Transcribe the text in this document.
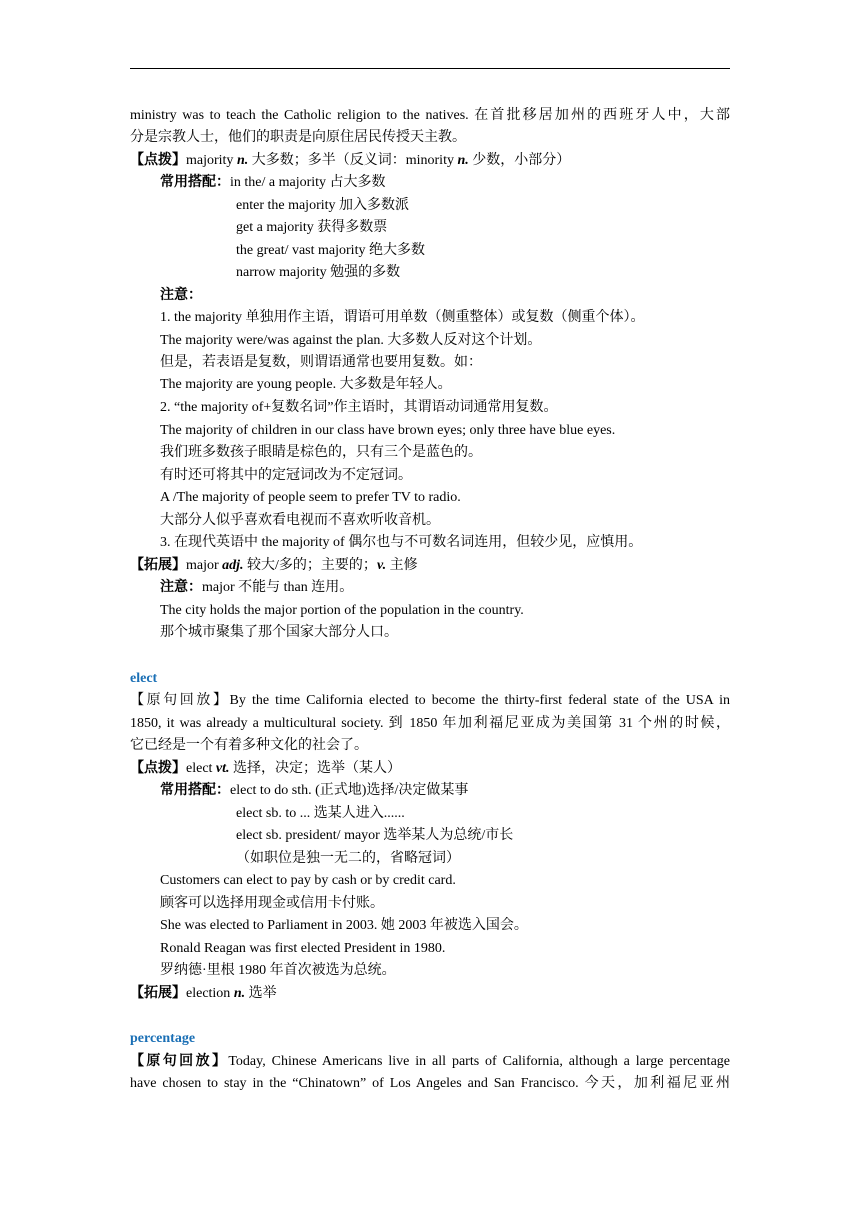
ministry was to teach the Catholic religion to the natives. 在首批移居加州的西班牙人中，大部
分是宗教人士，他们的职责是向原住居民传授天主教。
【点拨】majority n. 大多数；多半（反义词：minority n. 少数，小部分）
常用搭配：in the/ a majority 占大多数
enter the majority 加入多数派
get a majority 获得多数票
the great/ vast majority 绝大多数
narrow majority 勉强的多数
注意：
1. the majority 单独用作主语，谓语可用单数（侧重整体）或复数（侧重个体）。
The majority were/was against the plan. 大多数人反对这个计划。
但是，若表语是复数，则谓语通常也要用复数。如：
The majority are young people. 大多数是年轻人。
2. “the majority of+复数名词”作主语时，其谓语动词通常用复数。
The majority of children in our class have brown eyes; only three have blue eyes.
我们班多数孩子眼睛是棕色的，只有三个是蓝色的。
有时还可将其中的定冠词改为不定冠词。
A /The majority of people seem to prefer TV to radio.
大部分人似乎喜欢看电视而不喜欢听收音机。
3. 在现代英语中 the majority of 偶尔也与不可数名词连用，但较少见，应慎用。
【拓展】major adj. 较大/多的；主要的；v. 主修
注意：major 不能与 than 连用。
The city holds the major portion of the population in the country.
那个城市聚集了那个国家大部分人口。
elect
【原句回放】By the time California elected to become the thirty-first federal state of the USA in
1850, it was already a multicultural society. 到 1850 年加利福尼亚成为美国第 31 个州的时候，
它已经是一个有着多种文化的社会了。
【点拨】elect vt. 选择，决定；选举（某人）
常用搭配：elect to do sth. (正式地)选择/决定做某事
elect sb. to ... 选某人进入......
elect sb. president/ mayor 选举某人为总统/市长
（如职位是独一无二的，省略冠词）
Customers can elect to pay by cash or by credit card.
顾客可以选择用现金或信用卡付账。
She was elected to Parliament in 2003. 她 2003 年被选入国会。
Ronald Reagan was first elected President in 1980.
罗纳德·里根 1980 年首次被选为总统。
【拓展】election n. 选举
percentage
【原句回放】Today, Chinese Americans live in all parts of California, although a large percentage
have chosen to stay in the “Chinatown” of Los Angeles and San Francisco. 今天，加利福尼亚州
